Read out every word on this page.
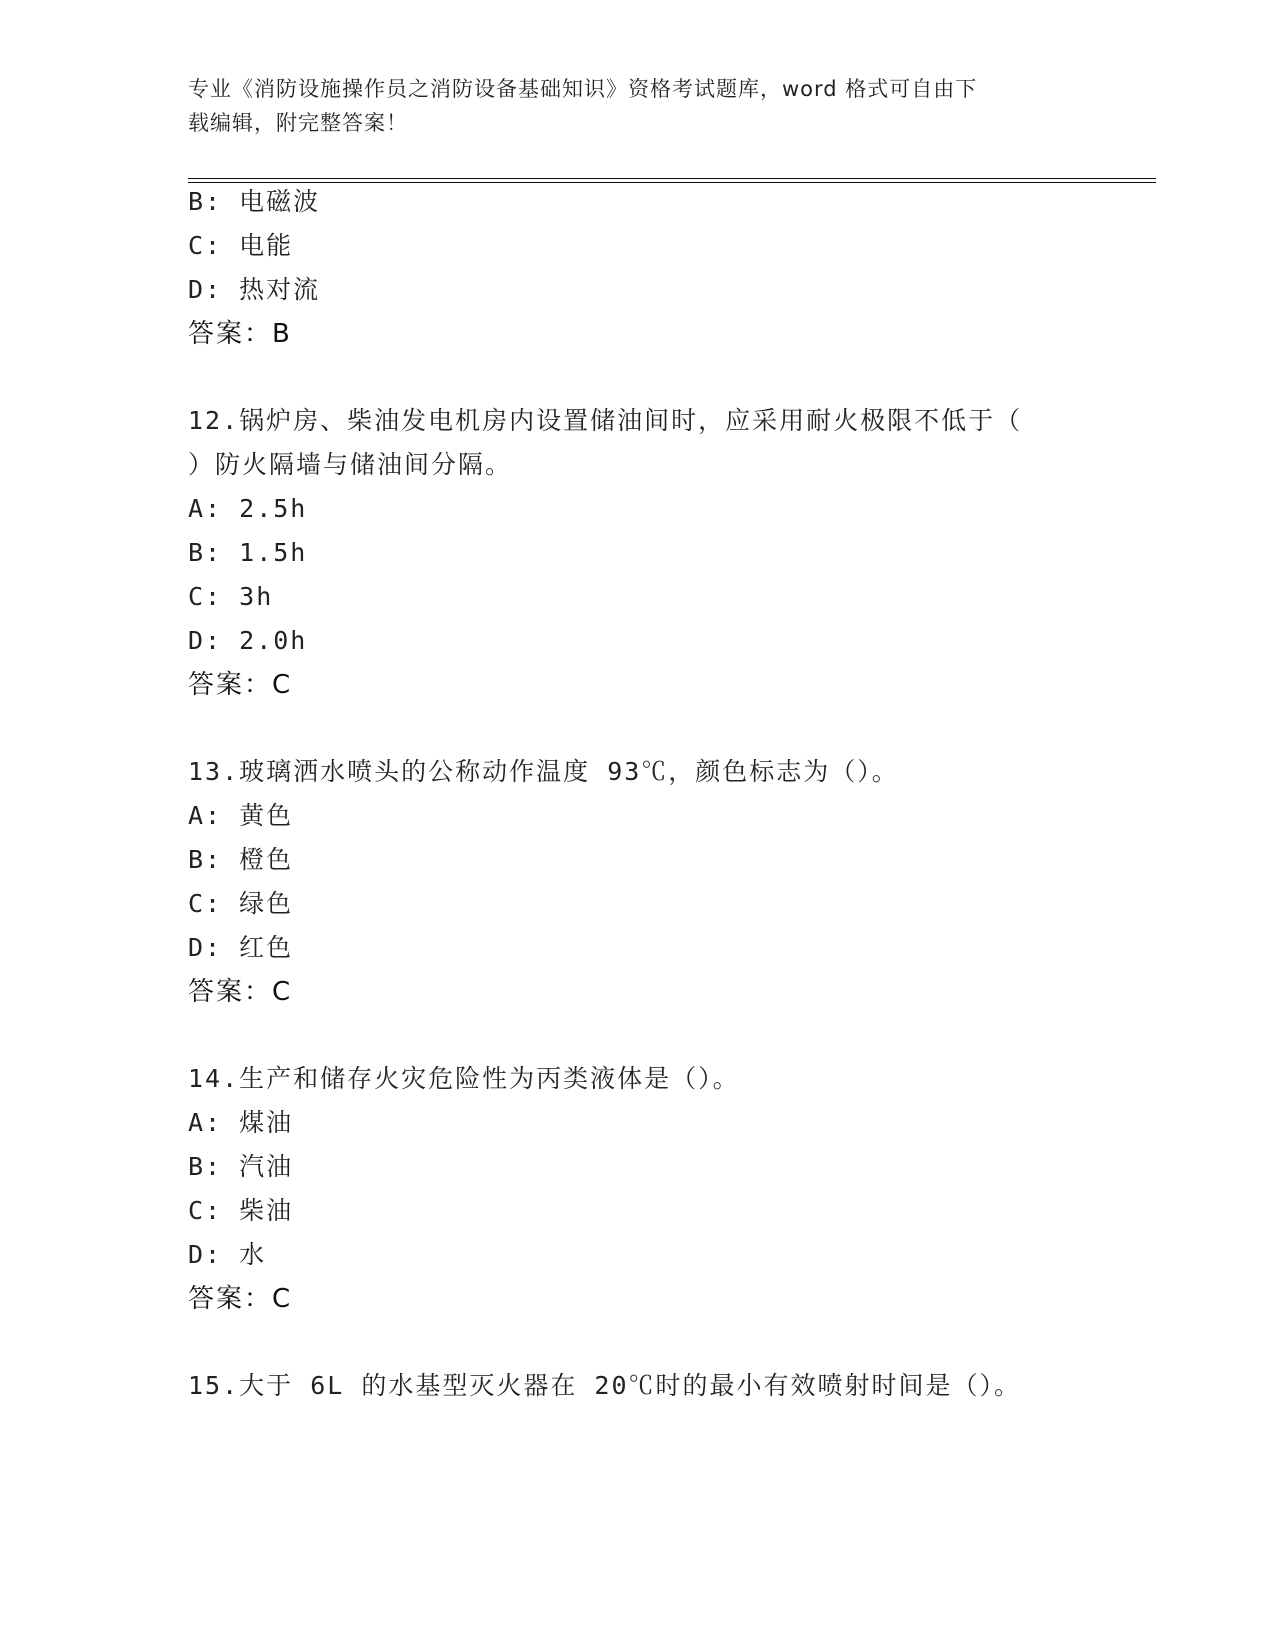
专业《消防设施操作员之消防设备基础知识》资格考试题库，word 格式可自由下
载编辑，附完整答案！
B: 电磁波
C: 电能
D: 热对流
答案：B
12.锅炉房、柴油发电机房内设置储油间时，应采用耐火极限不低于（
）防火隔墙与储油间分隔。
A: 2.5h
B: 1.5h
C: 3h
D: 2.0h
答案：C
13.玻璃洒水喷头的公称动作温度 93℃，颜色标志为（）。
A: 黄色
B: 橙色
C: 绿色
D: 红色
答案：C
14.生产和储存火灾危险性为丙类液体是（）。
A: 煤油
B: 汽油
C: 柴油
D: 水
答案：C
15.大于 6L 的水基型灭火器在 20℃时的最小有效喷射时间是（）。
